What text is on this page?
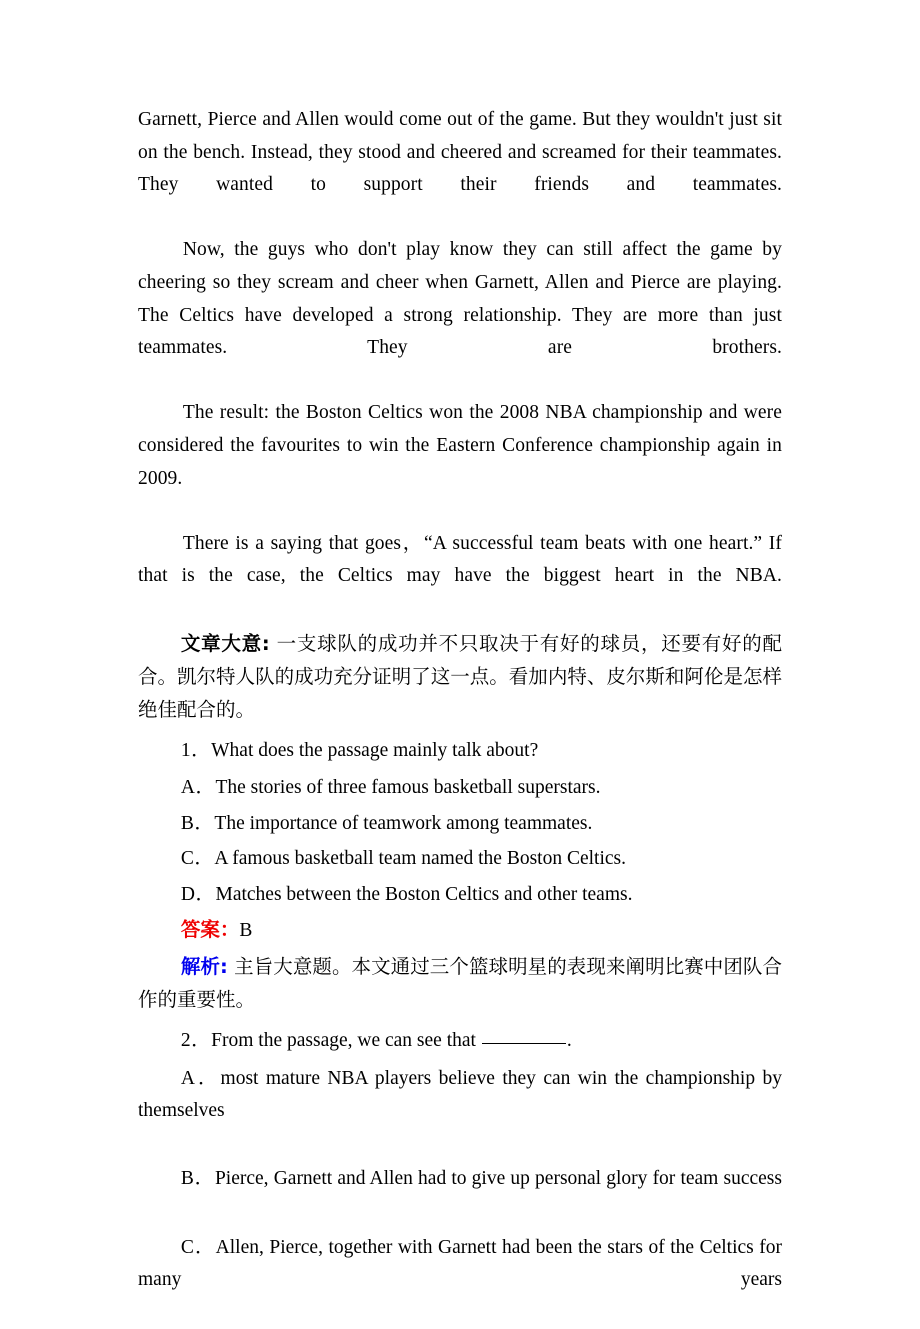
Garnett, Pierce and Allen would come out of the game. But they wouldn't just sit on the bench. Instead, they stood and cheered and screamed for their teammates. They wanted to support their friends and teammates.

Now, the guys who don't play know they can still affect the game by cheering so they scream and cheer when Garnett, Allen and Pierce are playing. The Celtics have developed a strong relationship. They are more than just teammates. They are brothers.

The result: the Boston Celtics won the 2008 NBA championship and were considered the favourites to win the Eastern Conference championship again in 2009.

There is a saying that goes，“A successful team beats with one heart.” If that is the case, the Celtics may have the biggest heart in the NBA.

文章大意: 一支球队的成功并不只取决于有好的球员，还要有好的配合。凯尔特人队的成功充分证明了这一点。看加内特、皮尔斯和阿伦是怎样绝佳配合的。
1．What does the passage mainly talk about?
A．The stories of three famous basketball superstars.
B．The importance of teamwork among teammates.
C．A famous basketball team named the Boston Celtics.
D．Matches between the Boston Celtics and other teams.
答案：B
解析: 主旨大意题。本文通过三个篮球明星的表现来阐明比赛中团队合作的重要性。
2．From the passage, we can see that	.
A．most mature NBA players believe they can win the championship by themselves
B．Pierce, Garnett and Allen had to give up personal glory for team success
C．Allen, Pierce, together with Garnett had been the stars of the Celtics for many years
